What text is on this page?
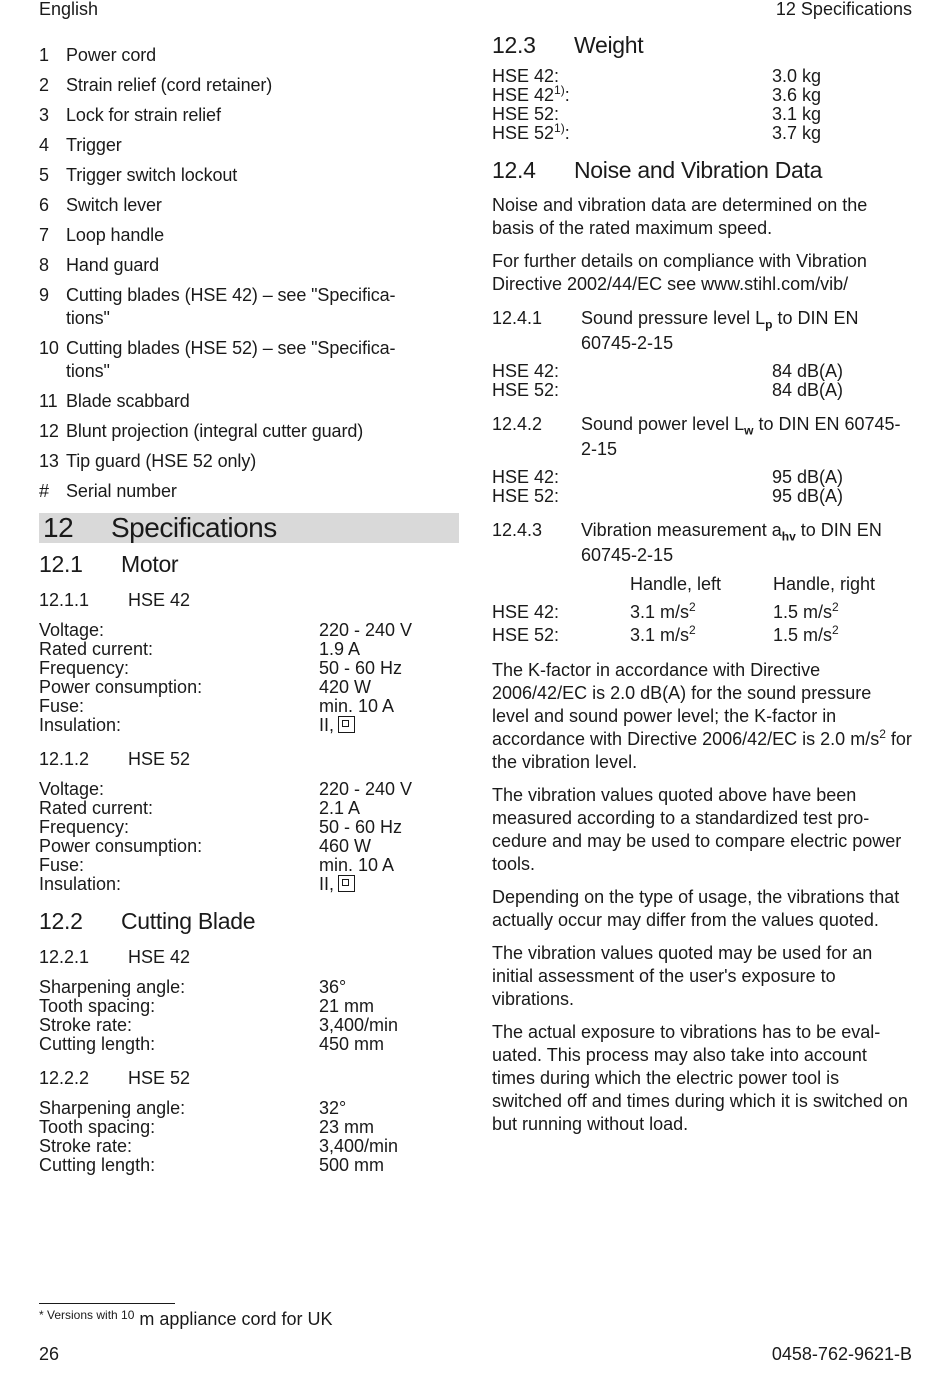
English	12 Specifications
1 Power cord
2 Strain relief (cord retainer)
3 Lock for strain relief
4 Trigger
5 Trigger switch lockout
6 Switch lever
7 Loop handle
8 Hand guard
9 Cutting blades (HSE 42) – see "Specifica-tions"
10 Cutting blades (HSE 52) – see "Specifica-tions"
11 Blade scabbard
12 Blunt projection (integral cutter guard)
13 Tip guard (HSE 52 only)
# Serial number
12	Specifications
12.1	Motor
12.1.1	HSE 42
Voltage:	220 - 240 V
Rated current:	1.9 A
Frequency:	50 - 60 Hz
Power consumption:	420 W
Fuse:	min. 10 A
Insulation:	II,
12.1.2	HSE 52
Voltage:	220 - 240 V
Rated current:	2.1 A
Frequency:	50 - 60 Hz
Power consumption:	460 W
Fuse:	min. 10 A
Insulation:	II,
12.2	Cutting Blade
12.2.1	HSE 42
Sharpening angle:	36°
Tooth spacing:	21 mm
Stroke rate:	3,400/min
Cutting length:	450 mm
12.2.2	HSE 52
Sharpening angle:	32°
Tooth spacing:	23 mm
Stroke rate:	3,400/min
Cutting length:	500 mm
12.3	Weight
HSE 42:	3.0 kg
HSE 42$^{1)}$:	3.6 kg
HSE 52:	3.1 kg
HSE 52$^{1)}$:	3.7 kg
12.4	Noise and Vibration Data

Noise and vibration data are determined on the basis of the rated maximum speed.

For further details on compliance with Vibration Directive 2002/44/EC see www.stihl.com/vib/

12.4.1	Sound pressure level $L_p$ to DIN EN 60745-2-15
HSE 42:	84 dB(A)
HSE 52:	84 dB(A)
12.4.2	Sound power level $L_w$ to DIN EN 60745-2-15
HSE 42:	95 dB(A)
HSE 52:	95 dB(A)
12.4.3	Vibration measurement $a_{hv}$ to DIN EN 60745-2-15
Handle, left	Handle, right
HSE 42:	3.1 $m/s^2$	1.5 $m/s^2$
HSE 52:	3.1 $m/s^2$	1.5 $m/s^2$

The K-factor in accordance with Directive 2006/42/EC is 2.0 dB(A) for the sound pressure level and sound power level; the K-factor in accordance with Directive 2006/42/EC is 2.0 $m/s^2$ for the vibration level.

The vibration values quoted above have been measured according to a standardized test pro-cedure and may be used to compare electric power tools.

Depending on the type of usage, the vibrations that actually occur may differ from the values quoted.

The vibration values quoted may be used for an initial assessment of the user's exposure to vibrations.

The actual exposure to vibrations has to be eval-uated. This process may also take into account times during which the electric power tool is switched off and times during which it is switched on but running without load.

$^{* Versions with 10}$ m appliance cord for UK
26	0458-762-9621-B
